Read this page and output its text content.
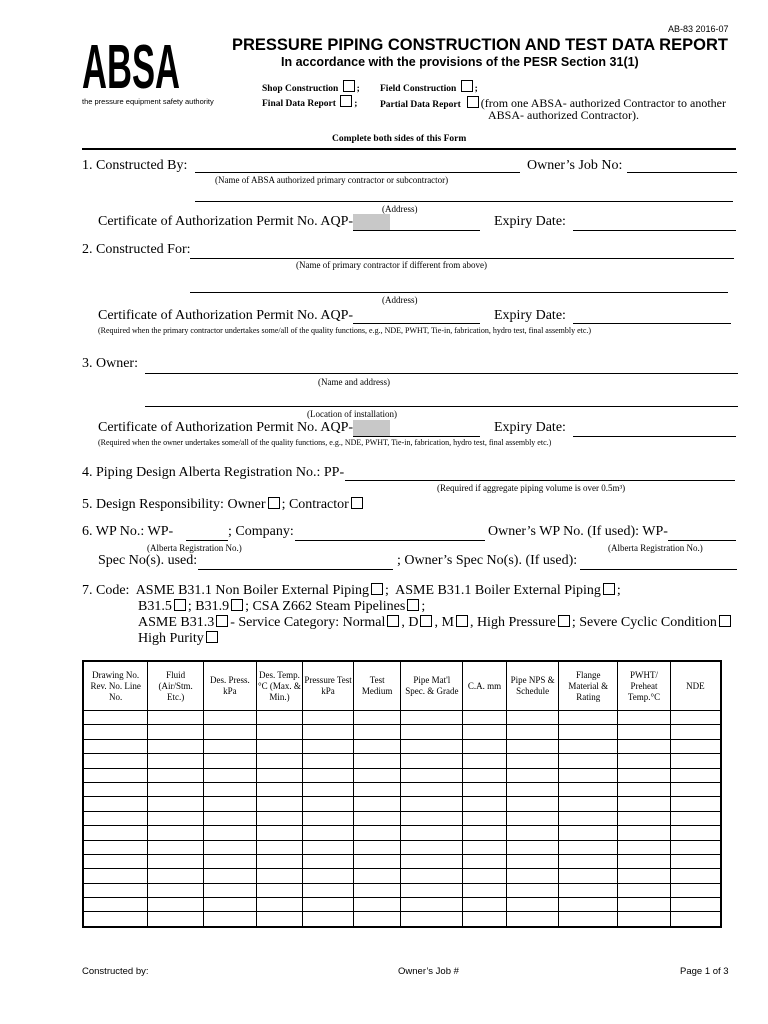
AB-83 2016-07
ABSA
the pressure equipment safety authority
PRESSURE PIPING CONSTRUCTION AND TEST DATA REPORT
In accordance with the provisions of the PESR Section 31(1)
Shop Construction ; Field Construction ;
Final Data Report ; Partial Data Report (from one ABSA- authorized Contractor to another
ABSA- authorized Contractor).
Complete both sides of this Form
1. Constructed By:
(Name of ABSA authorized primary contractor or subcontractor)
Owner’s Job No:
(Address)
Certificate of Authorization Permit No. AQP-	Expiry Date:
2. Constructed For:
(Name of primary contractor if different from above)
(Address)
Certificate of Authorization Permit No. AQP-	Expiry Date:
(Required when the primary contractor undertakes some/all of the quality functions, e.g., NDE, PWHT, Tie-in, fabrication, hydro test, final assembly etc.)
3. Owner:
(Name and address)
(Location of installation)
Certificate of Authorization Permit No. AQP-	Expiry Date:
(Required when the owner undertakes some/all of the quality functions, e.g., NDE, PWHT, Tie-in, fabrication, hydro test, final assembly etc.)
4. Piping Design Alberta Registration No.: PP-
(Required if aggregate piping volume is over 0.5m³)
5. Design Responsibility: Owner ; Contractor
6. WP No.: WP-	; Company:	Owner’s WP No. (If used): WP-
(Alberta Registration No.)	(Alberta Registration No.)
Spec No(s). used:	; Owner’s Spec No(s). (If used):
7. Code: ASME B31.1 Non Boiler External Piping ;  ASME B31.1 Boiler External Piping ;
B31.5 ; B31.9 ; CSA Z662 Steam Pipelines ;
ASME B31.3 - Service Category: Normal , D , M , High Pressure ; Severe Cyclic Condition
High Purity
Drawing No. Rev. No. Line No.	Fluid (Air/Stm. Etc.)	Des. Press. kPa	Des. Temp.°C (Max. & Min.)	Pressure Test kPa	Test Medium	Pipe Mat'l Spec. & Grade	C.A. mm	Pipe NPS & Schedule	Flange Material & Rating	PWHT/ Preheat Temp.°C	NDE

Constructed by:	Owner’s Job #	Page 1 of 3
